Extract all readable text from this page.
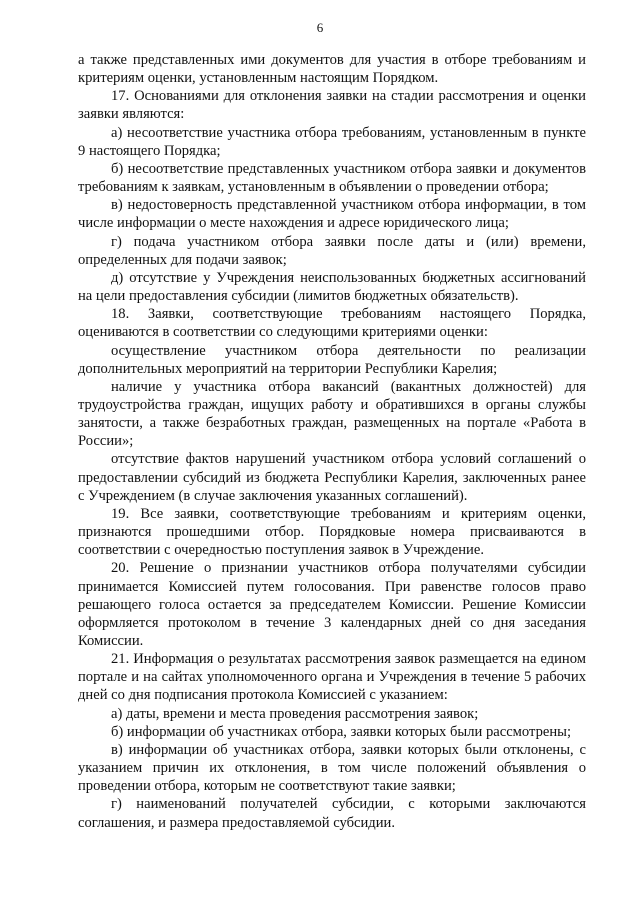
6

а также представленных ими документов для участия в отборе требованиям и критериям оценки, установленным настоящим Порядком.

17. Основаниями для отклонения заявки на стадии рассмотрения и оценки заявки являются:

а) несоответствие участника отбора требованиям, установленным в пункте 9 настоящего Порядка;

б) несоответствие представленных участником отбора заявки и документов требованиям к заявкам, установленным в объявлении о проведении отбора;

в) недостоверность представленной участником отбора информации, в том числе информации о месте нахождения и адресе юридического лица;

г) подача участником отбора заявки после даты и (или) времени, определенных для подачи заявок;

д) отсутствие у Учреждения неиспользованных бюджетных ассигнований на цели предоставления субсидии (лимитов бюджетных обязательств).

18. Заявки, соответствующие требованиям настоящего Порядка, оцениваются в соответствии со следующими критериями оценки:

осуществление участником отбора деятельности по реализации дополнительных мероприятий на территории Республики Карелия;

наличие у участника отбора вакансий (вакантных должностей) для трудоустройства граждан, ищущих работу и обратившихся в органы службы занятости, а также безработных граждан, размещенных на портале «Работа в России»;

отсутствие фактов нарушений участником отбора условий соглашений о предоставлении субсидий из бюджета Республики Карелия, заключенных ранее с Учреждением (в случае заключения указанных соглашений).

19. Все заявки, соответствующие требованиям и критериям оценки, признаются прошедшими отбор. Порядковые номера присваиваются в соответствии с очередностью поступления заявок в Учреждение.

20. Решение о признании участников отбора получателями субсидии принимается Комиссией путем голосования. При равенстве голосов право решающего голоса остается за председателем Комиссии. Решение Комиссии оформляется протоколом в течение 3 календарных дней со дня заседания Комиссии.

21. Информация о результатах рассмотрения заявок размещается на едином портале и на сайтах уполномоченного органа и Учреждения в течение 5 рабочих дней со дня подписания протокола Комиссией с указанием:

а) даты, времени и места проведения рассмотрения заявок;

б) информации об участниках отбора, заявки которых были рассмотрены;

в) информации об участниках отбора, заявки которых были отклонены, с указанием причин их отклонения, в том числе положений объявления о проведении отбора, которым не соответствуют такие заявки;

г) наименований получателей субсидии, с которыми заключаются соглашения, и размера предоставляемой субсидии.
